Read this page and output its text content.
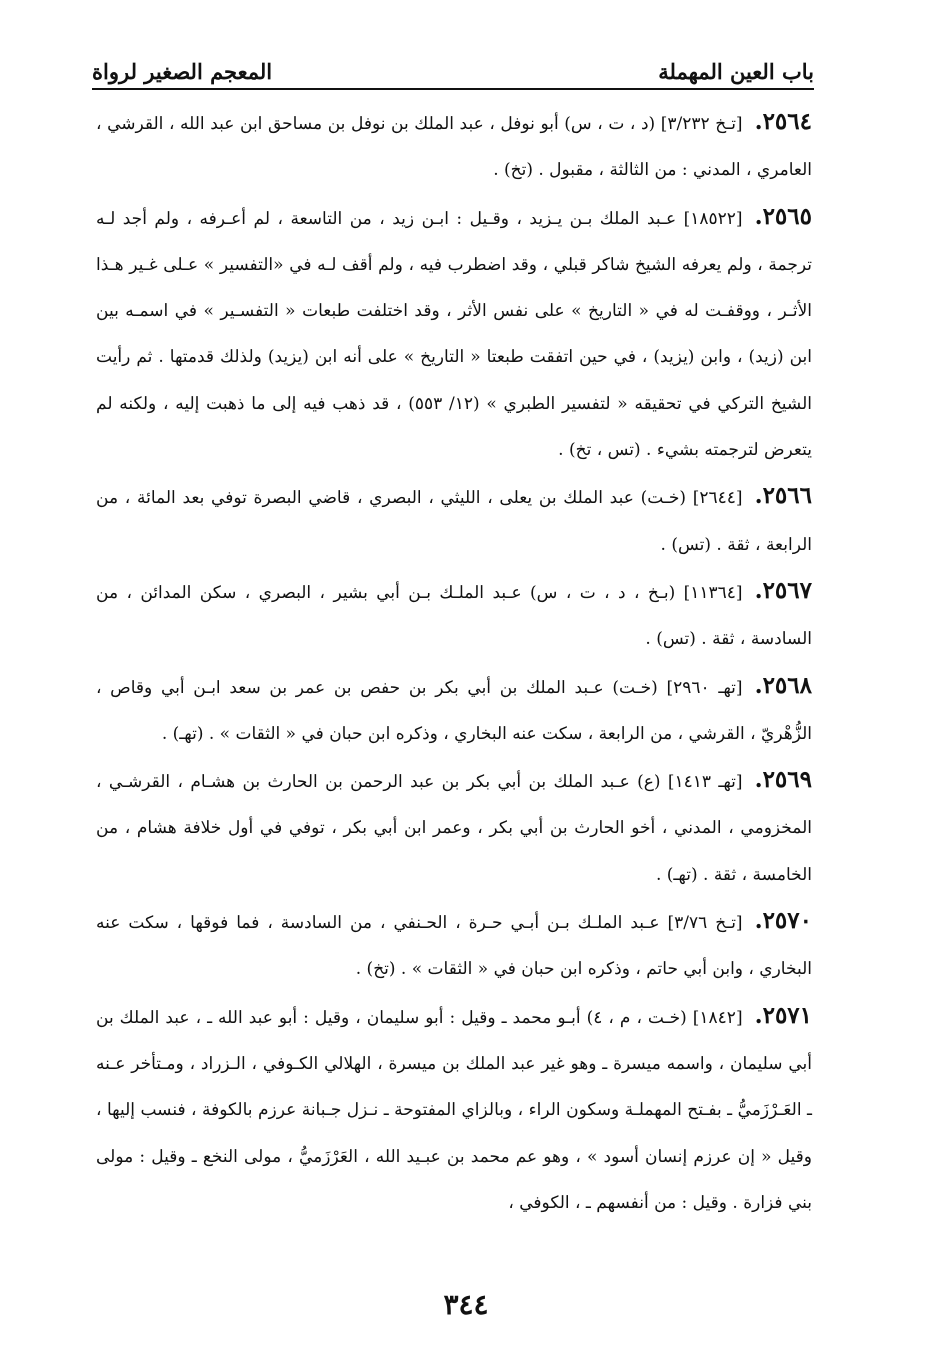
باب العين المهملة
المعجم الصغير لرواة

٢٥٦٤.[تـخ ٣/٢٣٢] (د ، ت ، س) أبو نوفل ، عبد الملك بن نوفل بن مساحق ابن عبد الله ، القرشي ، العامري ، المدني : من الثالثة ، مقبول . (تخ) .

٢٥٦٥.[١٨٥٢٢] عـبد الملك بـن يـزيد ، وقـيل : ابـن زيد ، من التاسعة ، لم أعـرفه ، ولم أجد لـه ترجمة ، ولم يعرفه الشيخ شاكر قبلي ، وقد اضطرب فيه ، ولم أقف لـه في «التفسير » عـلى غـير هـذا الأثـر ، ووقفـت له في « التاريخ » على نفس الأثر ، وقد اختلفت طبعات « التفسـير » في اسمـه بين ابن (زيد) ، وابن (يزيد) ، في حين اتفقت طبعتا « التاريخ » على أنه ابن (يزيد) ولذلك قدمتها . ثم رأيت الشيخ التركي في تحقيقه « لتفسير الطبري » (١٢/ ٥٥٣) ، قد ذهب فيه إلى ما ذهبت إليه ، ولكنه لم يتعرض لترجمته بشيء . (تس ، تخ) .

٢٥٦٦.[٢٦٤٤] (خـت) عبد الملك بن يعلى ، الليثي ، البصري ، قاضي البصرة توفي بعد المائة ، من الرابعة ، ثقة . (تس) .

٢٥٦٧.[١١٣٦٤] (بـخ ، د ، ت ، س) عـبد الملـك بـن أبي بشير ، البصري ، سكن المدائن ، من السادسة ، ثقة . (تس) .

٢٥٦٨.[تهـ ٢٩٦٠] (خـت) عـبد الملك بن أبي بكر بن حفص بن عمر بن سعد ابـن أبي وقاص ، الزُّهْريّ ، القرشي ، من الرابعة ، سكت عنه البخاري ، وذكره ابن حبان في « الثقات » . (تهـ) .

٢٥٦٩.[تهـ ١٤١٣] (ع) عـبد الملك بن أبي بكر بن عبد الرحمن بن الحارث بن هشـام ، القرشـي ، المخزومي ، المدني ، أخو الحارث بن أبي بكر ، وعمر ابن أبي بكر ، توفي في أول خلافة هشام ، من الخامسة ، ثقة . (تهـ) .

٢٥٧٠.[تـخ ٣/٧٦] عـبد الملـك بـن أبـي حـرة ، الحـنفي ، من السادسة ، فما فوقها ، سكت عنه البخاري ، وابن أبي حاتم ، وذكره ابن حبان في « الثقات » . (تخ) .

٢٥٧١.[١٨٤٢] (خـت ، م ، ٤) أبـو محمد ـ وقيل : أبو سليمان ، وقيل : أبو عبد الله ـ ، عبد الملك بن أبي سليمان ، واسمه ميسرة ـ وهو غير عبد الملك بن ميسرة ، الهلالي الكـوفي ، الـزراد ، ومـتأخر عـنه ـ العَـرْزَميُّ ـ بفـتح المهملـة وسكون الراء ، وبالزاي المفتوحة ـ نـزل جـبانة عرزم بالكوفة ، فنسب إليها ، وقيل « إن عرزم إنسان أسود » ، وهو عم محمد بن عبـيد الله ، العَرْزَميُّ ، مولى النخع ـ وقيل : مولى بني فزارة . وقيل : من أنفسهم ـ ، الكوفي ،

٣٤٤
